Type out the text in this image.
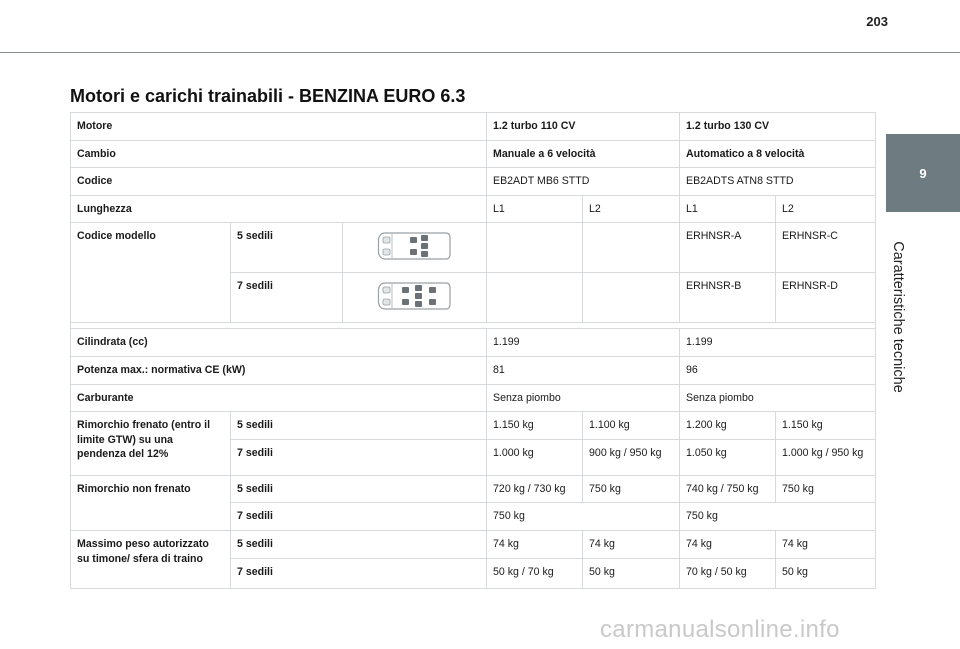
203
Motori e carichi trainabili - BENZINA EURO 6.3
9
Caratteristiche tecniche
Motore			1.2 turbo 110 CV		1.2 turbo 130 CV	
Cambio			Manuale a 6 velocità		Automatico a 8 velocità	
Codice			EB2ADT MB6 STTD		EB2ADTS ATN8 STTD	
Lunghezza			L1	L2	L1	L2
Codice modello	5 sedili				ERHNSR-A	ERHNSR-C
	7 sedili				ERHNSR-B	ERHNSR-D

Cilindrata (cc)			1.199		1.199	
Potenza max.: normativa CE (kW)			81		96	
Carburante			Senza piombo		Senza piombo	
Rimorchio frenato (entro il limite GTW) su una pendenza del 12%	5 sedili		1.150 kg	1.100 kg	1.200 kg	1.150 kg
	7 sedili		1.000 kg	900 kg / 950 kg	1.050 kg	1.000 kg / 950 kg
Rimorchio non frenato	5 sedili		720 kg / 730 kg	750 kg	740 kg / 750 kg	750 kg
	7 sedili		750 kg		750 kg	
Massimo peso autorizzato su timone/ sfera di traino	5 sedili		74 kg	74 kg	74 kg	74 kg
	7 sedili		50 kg / 70 kg	50 kg	70 kg / 50 kg	50 kg
carmanualsonline.info
